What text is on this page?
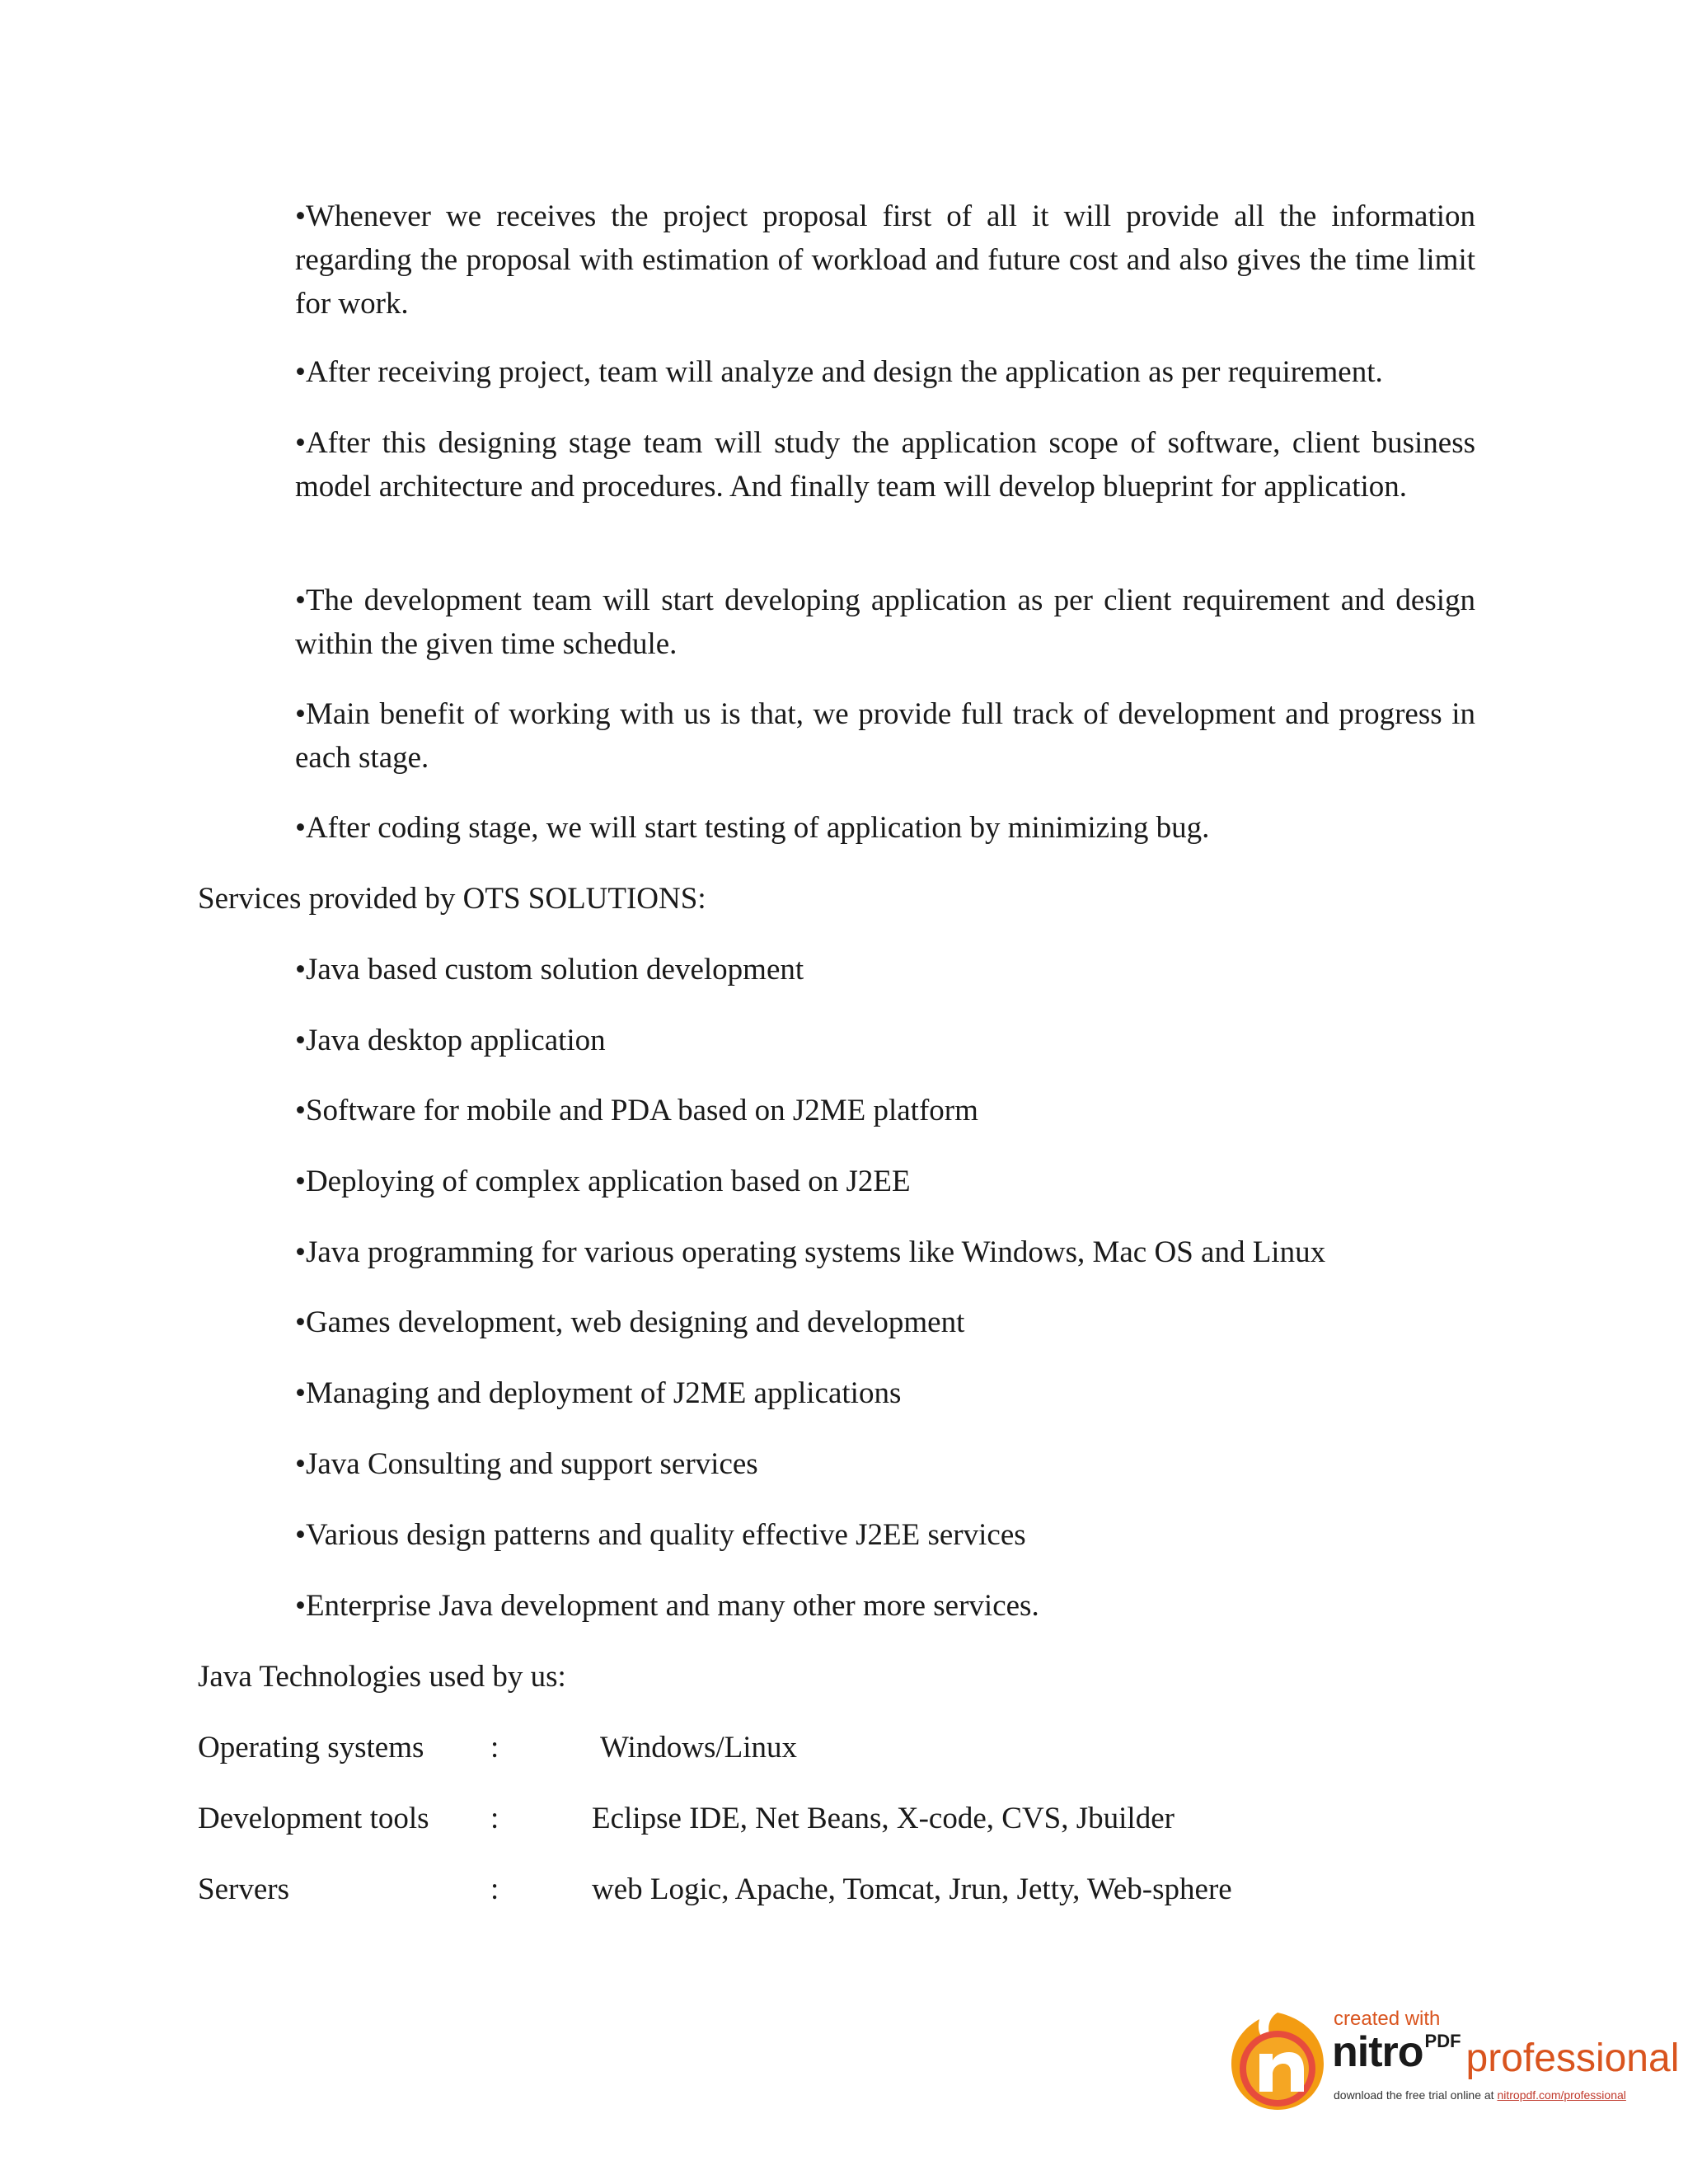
•Whenever we receives the project proposal first of all it will provide all the information regarding the proposal with estimation of workload and future cost and also gives the time limit for work.
•After receiving project, team will analyze and design the application as per requirement.
•After this designing stage team will study the application scope of software, client business model architecture and procedures. And finally team will develop blueprint for application.
•The development team will start developing application as per client requirement and design within the given time schedule.
•Main benefit of working with us is that, we provide full track of development and progress in each stage.
•After coding stage, we will start testing of application by minimizing bug.
Services provided by OTS SOLUTIONS:
•Java based custom solution development
•Java desktop application
•Software for mobile and PDA based on J2ME platform
•Deploying of complex application based on J2EE
•Java programming for various operating systems like Windows, Mac OS and Linux
•Games development, web designing and development
•Managing and deployment of J2ME applications
•Java Consulting and support services
•Various design patterns and quality effective J2EE services
•Enterprise Java development and many other more services.
Java Technologies used by us:
Operating systems :	Windows/Linux
Development tools :	Eclipse IDE, Net Beans, X-code, CVS, Jbuilder
Servers	:	web Logic, Apache, Tomcat, Jrun, Jetty, Web-sphere
created with
nitro PDF professional
download the free trial online at nitropdf.com/professional
